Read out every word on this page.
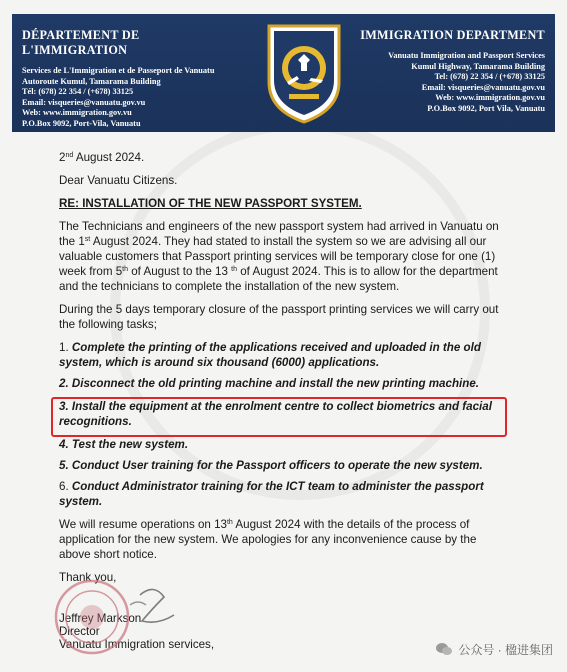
DÉPARTEMENT DE L'IMMIGRATION
Services de L'Immigration et de Passeport de Vanuatu
Autoroute Kumul, Tamarama Building
Tél: (678) 22 354 / (+678) 33125
Email: visqueries@vanuatu.gov.vu
Web: www.immigration.gov.vu
P.O.Box 9092, Port-Vila, Vanuatu
IMMIGRATION DEPARTMENT
Vanuatu Immigration and Passport Services
Kumul Highway, Tamarama Building
Tel: (678) 22 354 / (+678) 33125
Email: visqueries@vanuatu.gov.vu
Web: www.immigration.gov.vu
P.O.Box 9092, Port Vila, Vanuatu

2nd August 2024.

Dear Vanuatu Citizens.

RE: INSTALLATION OF THE NEW PASSPORT SYSTEM.

The Technicians and engineers of the new passport system had arrived in Vanuatu on the 1st August 2024. They had stated to install the system so we are advising all our valuable customers that Passport printing services will be temporary close for one (1) week from 5th of August to the 13 $^{th}$ of August 2024. This is to allow for the department and the technicians to complete the installation of the new system.

During the 5 days temporary closure of the passport printing services we will carry out the following tasks;

1. Complete the printing of the applications received and uploaded in the old system, which is around six thousand (6000) applications.

2. Disconnect the old printing machine and install the new printing machine.

3. Install the equipment at the enrolment centre to collect biometrics and facial recognitions.

4. Test the new system.

5. Conduct User training for the Passport officers to operate the new system.

6. Conduct Administrator training for the ICT team to administer the passport system.

We will resume operations on 13th August 2024 with the details of the process of application for the new system. We apologies for any inconvenience cause by the above short notice.

Thank you,

Jeffrey Markson

Director

Vanuatu Immigration services,	公众号 · 楹进集团
